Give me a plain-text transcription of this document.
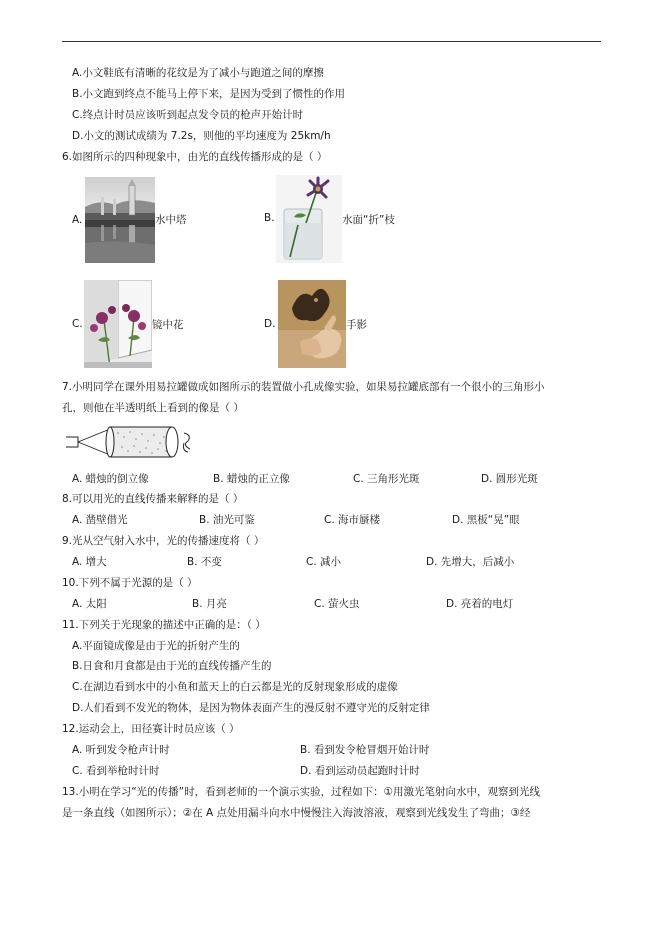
A.小文鞋底有清晰的花纹是为了减小与跑道之间的摩擦
B.小文跑到终点不能马上停下来，是因为受到了惯性的作用
C.终点计时员应该听到起点发令员的枪声开始计时
D.小文的测试成绩为 7.2s，则他的平均速度为 25km/h
6.如图所示的四种现象中，由光的直线传播形成的是（ ）
A.	水中塔	B.	水面“折”枝
C.	镜中花	D.	手影
7.小明同学在课外用易拉罐做成如图所示的装置做小孔成像实验，如果易拉罐底部有一个很小的三角形小
孔，则他在半透明纸上看到的像是（ ）
A. 蜡烛的倒立像	B. 蜡烛的正立像	C. 三角形光斑	D. 圆形光斑
8.可以用光的直线传播来解释的是（ ）
A. 凿壁借光	B. 油光可鉴	C. 海市蜃楼	D. 黑板“晃”眼
9.光从空气射入水中，光的传播速度将（ ）
A. 增大	B. 不变	C. 减小	D. 先增大，后减小
10.下列不属于光源的是（ ）
A. 太阳	B. 月亮	C. 萤火虫	D. 亮着的电灯
11.下列关于光现象的描述中正确的是：（ ）
A.平面镜成像是由于光的折射产生的
B.日食和月食都是由于光的直线传播产生的
C.在湖边看到水中的小鱼和蓝天上的白云都是光的反射现象形成的虚像
D.人们看到不发光的物体，是因为物体表面产生的漫反射不遵守光的反射定律
12.运动会上，田径赛计时员应该（ ）
A. 听到发令枪声计时	B. 看到发令枪冒烟开始计时
C. 看到举枪时计时	D. 看到运动员起跑时计时
13.小明在学习“光的传播”时，看到老师的一个演示实验，过程如下：①用激光笔射向水中，观察到光线
是一条直线（如图所示）；②在 A 点处用漏斗向水中慢慢注入海波溶液，观察到光线发生了弯曲；③经
